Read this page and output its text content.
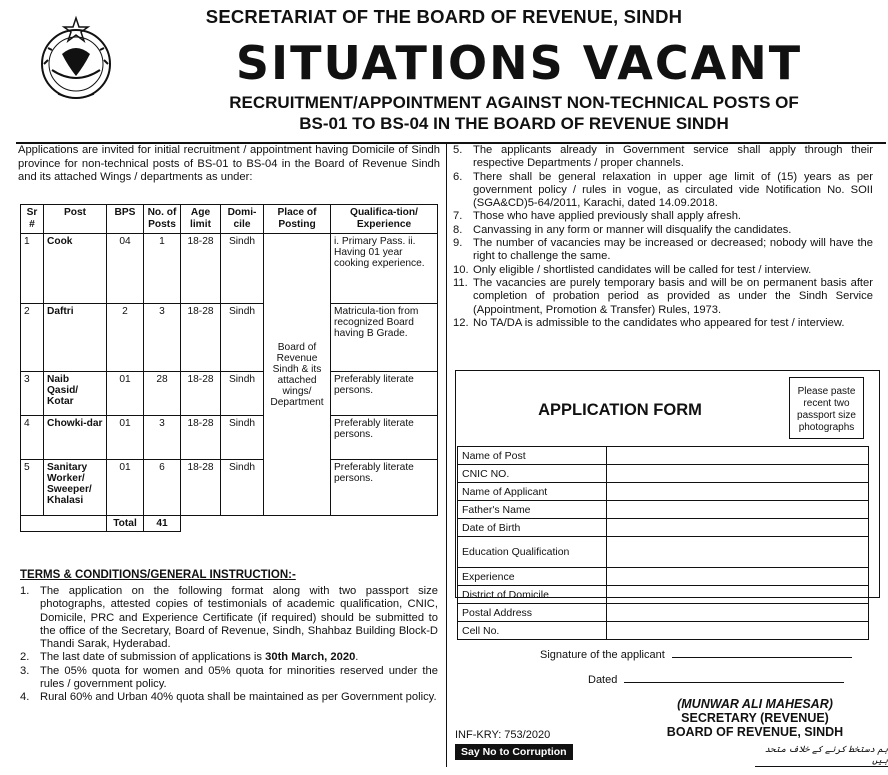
SECRETARIAT OF THE BOARD OF REVENUE, SINDH
SITUATIONS VACANT
RECRUITMENT/APPOINTMENT AGAINST NON-TECHNICAL POSTS OF
BS-01 TO BS-04 IN THE BOARD OF REVENUE SINDH
Applications are invited for initial recruitment / appointment having Domicile of Sindh province for non-technical posts of BS-01 to BS-04 in the Board of Revenue Sindh and its attached Wings / departments as under:
Sr #	Post	BPS	No. of Posts	Age limit	Domi-cile	Place of Posting	Qualifica-tion/ Experience
1	Cook	04	1	18-28	Sindh	Board of Revenue Sindh & its attached wings/ Department	i. Primary Pass. ii. Having 01 year cooking experience.
2	Daftri	2	3	18-28	Sindh		Matricula-tion from recognized Board having B Grade.
3	Naib Qasid/ Kotar	01	28	18-28	Sindh		Preferably literate persons.
4	Chowki-dar	01	3	18-28	Sindh		Preferably literate persons.
5	Sanitary Worker/ Sweeper/ Khalasi	01	6	18-28	Sindh		Preferably literate persons.
		Total	41				
TERMS & CONDITIONS/GENERAL INSTRUCTION:-
1. The application on the following format along with two passport size photographs, attested copies of testimonials of academic qualification, CNIC, Domicile, PRC and Experience Certificate (if required) should be submitted to the office of the Secretary, Board of Revenue, Sindh, Shahbaz Building Block-D Thandi Sarak, Hyderabad.
2. The last date of submission of applications is 30th March, 2020.
3. The 05% quota for women and 05% quota for minorities reserved under the rules / government policy.
4. Rural 60% and Urban 40% quota shall be maintained as per Government policy.
5. The applicants already in Government service shall apply through their respective Departments / proper channels.
6. There shall be general relaxation in upper age limit of (15) years as per government policy / rules in vogue, as circulated vide Notification No. SOII (SGA&CD)5-64/2011, Karachi, dated 14.09.2018.
7. Those who have applied previously shall apply afresh.
8. Canvassing in any form or manner will disqualify the candidates.
9. The number of vacancies may be increased or decreased; nobody will have the right to challenge the same.
10. Only eligible / shortlisted candidates will be called for test / interview.
11. The vacancies are purely temporary basis and will be on permanent basis after completion of probation period as provided as under the Sindh Service (Appointment, Promotion & Transfer) Rules, 1973.
12. No TA/DA is admissible to the candidates who appeared for test / interview.
APPLICATION FORM
Please paste recent two passport size photographs
Name of Post	
CNIC NO.	
Name of Applicant	
Father's Name	
Date of Birth	
Education Qualification	
Experience	
District of Domicile	
Postal Address	
Cell No.	
Signature of the applicant
Dated
(MUNWAR ALI MAHESAR)
SECRETARY (REVENUE)
BOARD OF REVENUE, SINDH
INF-KRY: 753/2020
Say No to Corruption	ہم دستخط کرنے کے خلاف متحد ہیں
